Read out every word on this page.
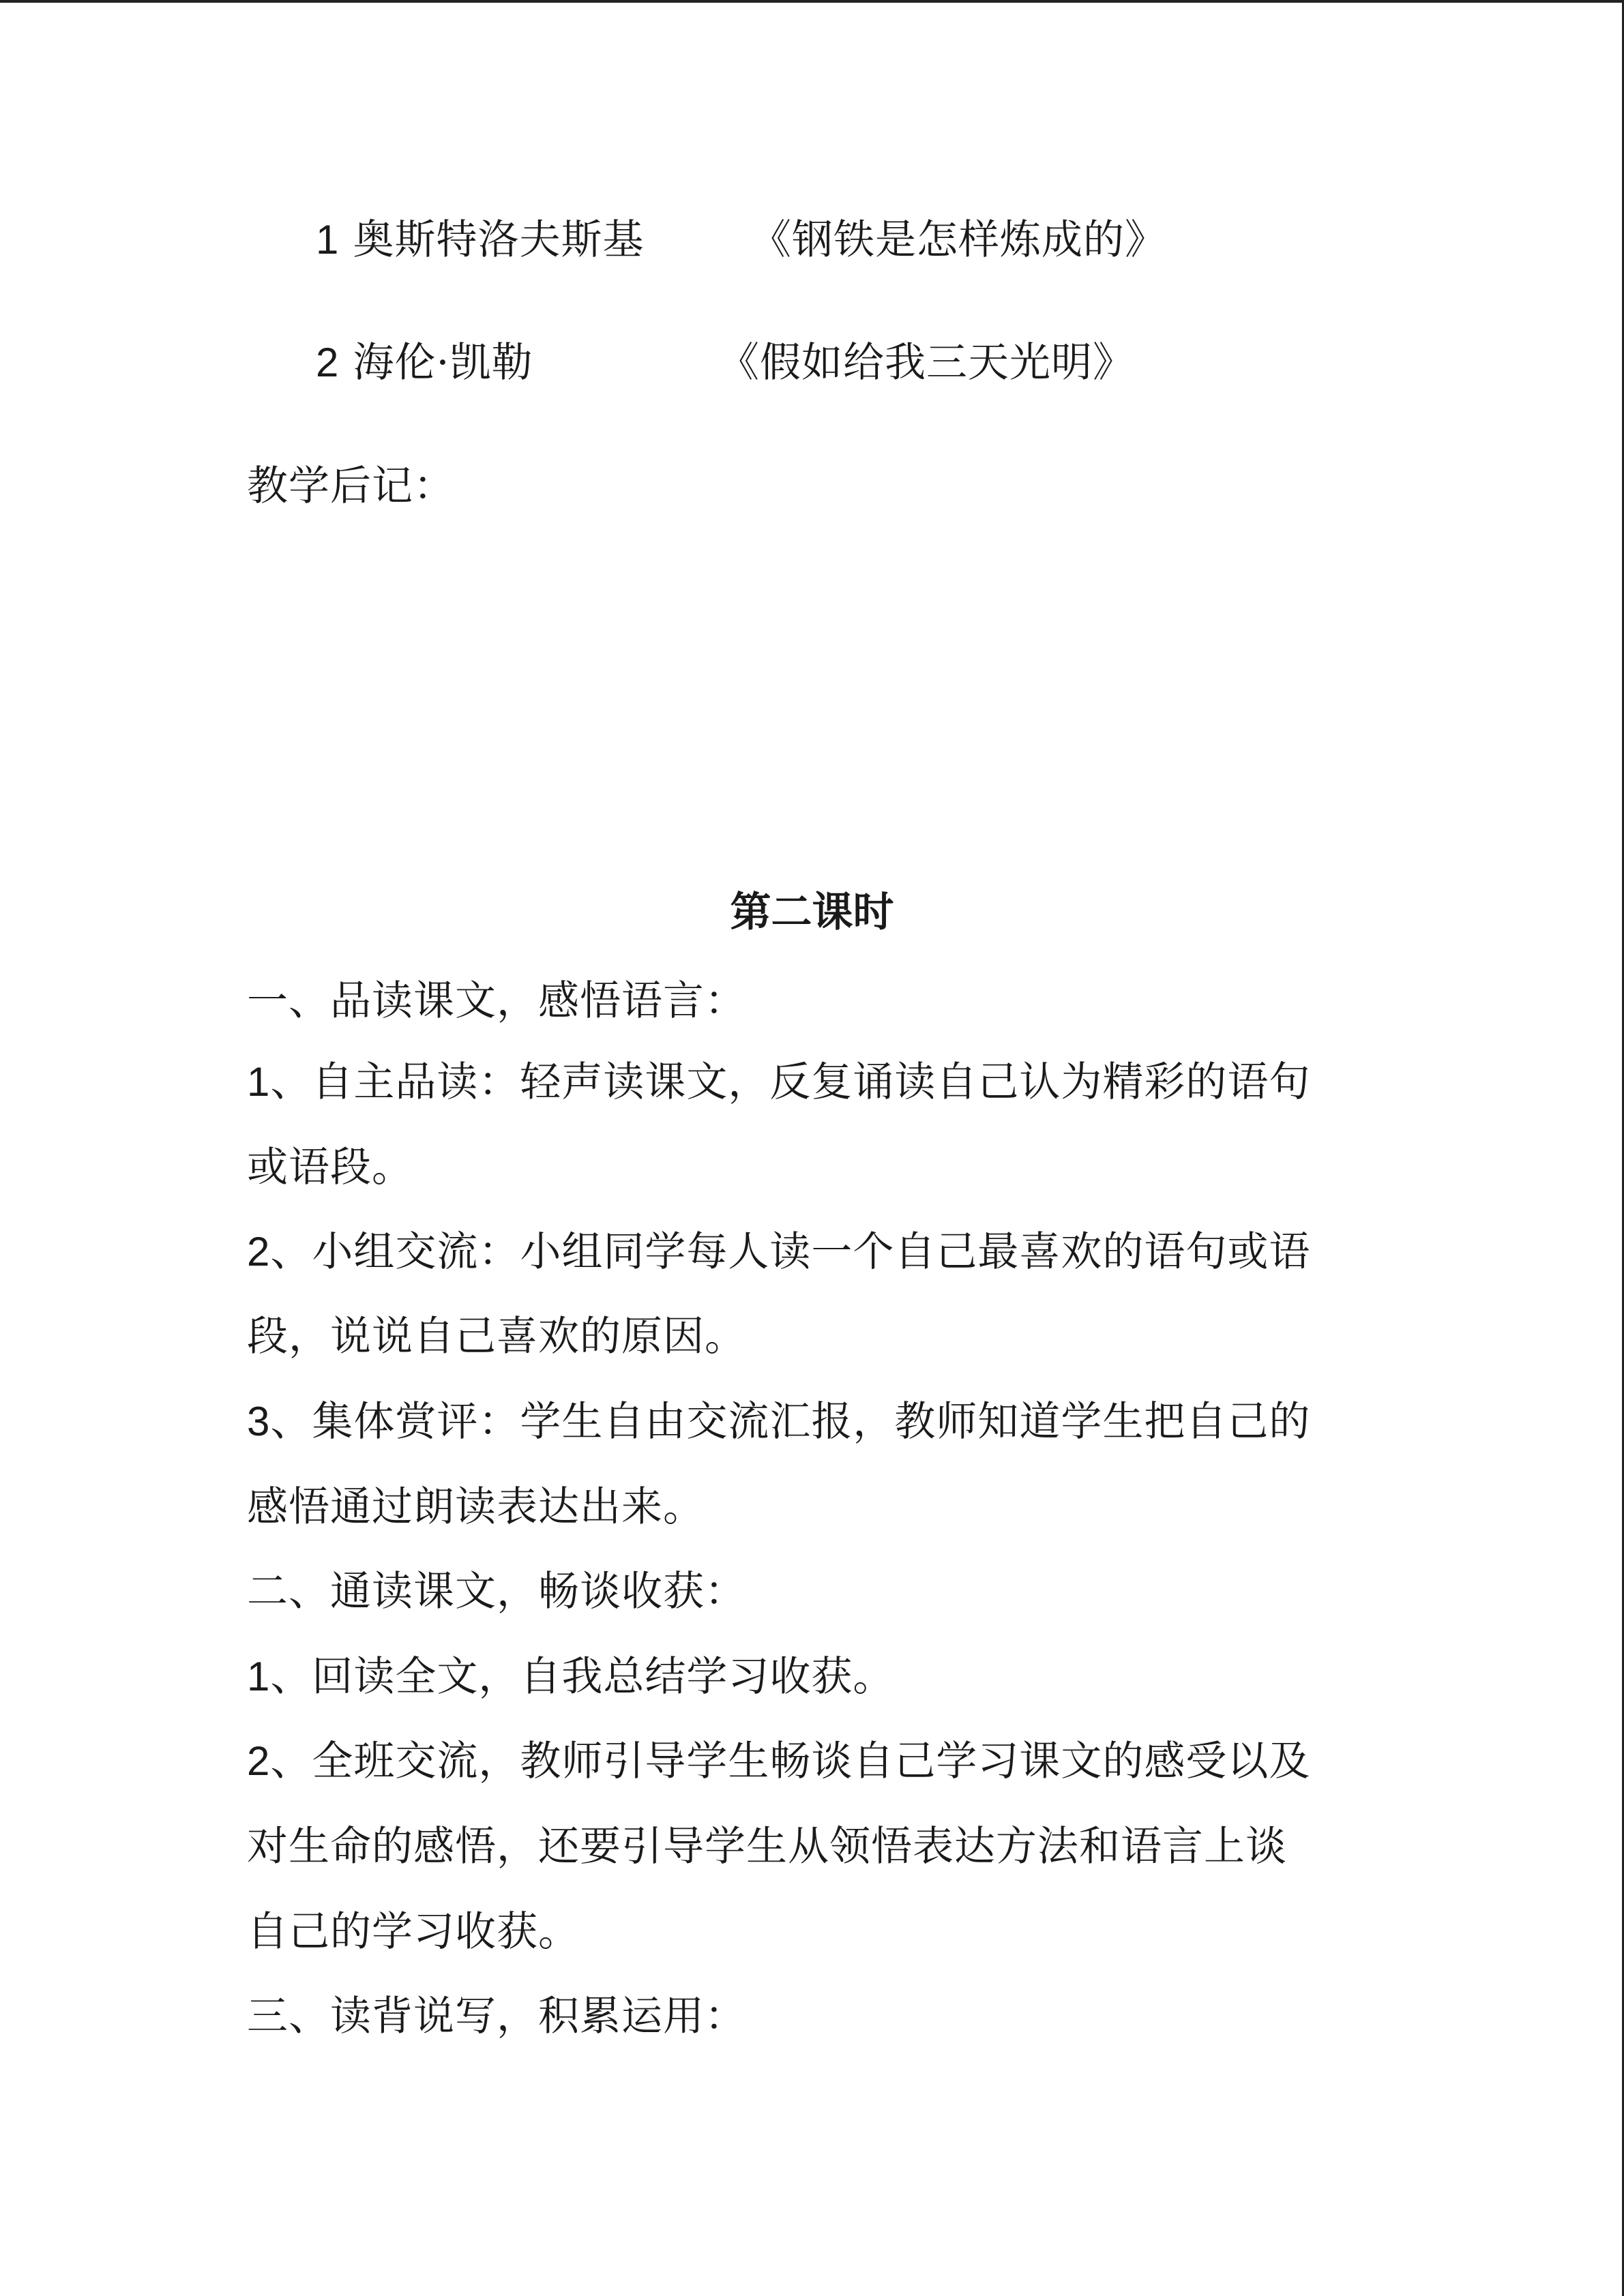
1 奥斯特洛夫斯基	《钢铁是怎样炼成的》
2 海伦·凯勒	《假如给我三天光明》
教学后记：
第二课时
一、品读课文，感悟语言：
1、自主品读：轻声读课文，反复诵读自己认为精彩的语句
或语段。
2、小组交流：小组同学每人读一个自己最喜欢的语句或语
段，说说自己喜欢的原因。
3、集体赏评：学生自由交流汇报，教师知道学生把自己的
感悟通过朗读表达出来。
二、通读课文，畅谈收获：
1、回读全文，自我总结学习收获。
2、全班交流，教师引导学生畅谈自己学习课文的感受以及
对生命的感悟，还要引导学生从领悟表达方法和语言上谈
自己的学习收获。
三、读背说写，积累运用：
